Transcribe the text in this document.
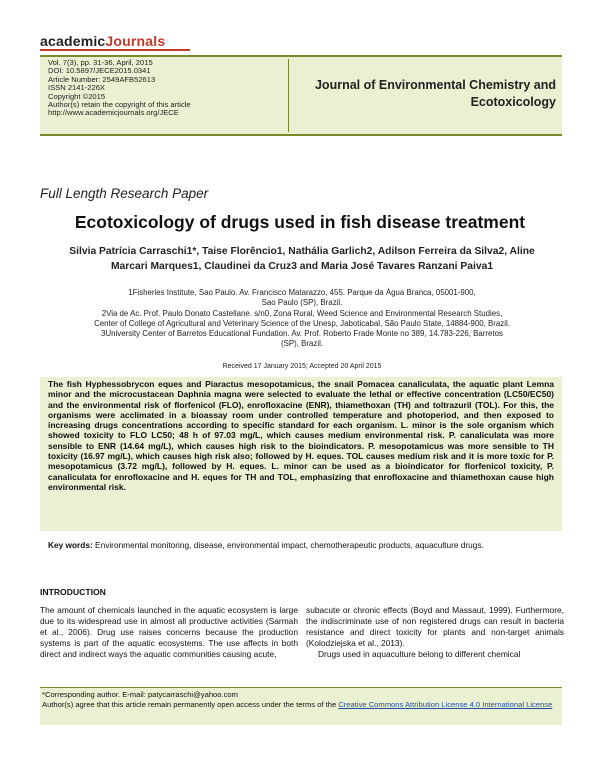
academicJournals
Vol. 7(3), pp. 31-36, April, 2015
DOI: 10.5897/JECE2015.0341
Article Number: 2549AFB52613
ISSN 2141-226X
Copyright ©2015
Author(s) retain the copyright of this article
http://www.academicjournals.org/JECE
Journal of Environmental Chemistry and
Ecotoxicology
Full Length Research Paper
Ecotoxicology of drugs used in fish disease treatment
Silvia Patrícia Carraschi1*, Taise Florêncio1, Nathália Garlich2, Adilson Ferreira da Silva2, Aline
Marcari Marques1, Claudinei da Cruz3 and Maria José Tavares Ranzani Paiva1
1Fisheries Institute, Sao Paulo. Av. Francisco Matarazzo, 455. Parque da Água Branca, 05001-900,
Sao Paulo (SP), Brazil.
2Via de Ac. Prof. Paulo Donato Castellane. s/n0, Zona Rural, Weed Science and Environmental Research Studies,
Center of College of Agricultural and Veterinary Science of the Unesp, Jaboticabal, São Paulo State, 14884-900, Brazil.
3University Center of Barretos Educational Fundation. Av. Prof. Roberto Frade Monte no 389, 14.783-226, Barretos
(SP), Brazil.
Received 17 January 2015; Accepted 20 April 2015
The fish Hyphessobrycon eques and Piaractus mesopotamicus, the snail Pomacea canaliculata, the aquatic plant Lemna minor and the microcustacean Daphnia magna were selected to evaluate the lethal or effective concentration (LC50/EC50) and the environmental risk of florfenicol (FLO), enrofloxacine (ENR), thiamethoxan (TH) and toltrazuril (TOL). For this, the organisms were acclimated in a bioassay room under controlled temperature and photoperiod, and then exposed to increasing drugs concentrations according to specific standard for each organism. L. minor is the sole organism which showed toxicity to FLO LC50; 48 h of 97.03 mg/L, which causes medium environmental risk. P. canaliculata was more sensible to ENR (14.64 mg/L), which causes high risk to the bioindicators. P. mesopotamicus was more sensible to TH toxicity (16.97 mg/L), which causes high risk also; followed by H. eques. TOL causes medium risk and it is more toxic for P. mesopotamicus (3.72 mg/L), followed by H. eques. L. minor can be used as a bioindicator for florfenicol toxicity, P. canaliculata for enrofloxacine and H. eques for TH and TOL, emphasizing that enrofloxacine and thiamethoxan cause high environmental risk.
Key words: Environmental monitoring, disease, environmental impact, chemotherapeutic products, aquaculture drugs.
INTRODUCTION

The amount of chemicals launched in the aquatic ecosystem is large due to its widespread use in almost all productive activities (Sarmah et al., 2006). Drug use raises concerns because the production systems is part of the aquatic ecosystems. The use affects in both direct and indirect ways the aquatic communities causing acute,

subacute or chronic effects (Boyd and Massaut, 1999). Furthermore, the indiscriminate use of non registered drugs can result in bacteria resistance and direct toxicity for plants and non-target animals (Kolodziejska et al., 2013).

Drugs used in aquaculture belong to different chemical

*Corresponding author. E-mail: patycarraschi@yahoo.com
Author(s) agree that this article remain permanently open access under the terms of the Creative Commons Attribution License 4.0 International License
